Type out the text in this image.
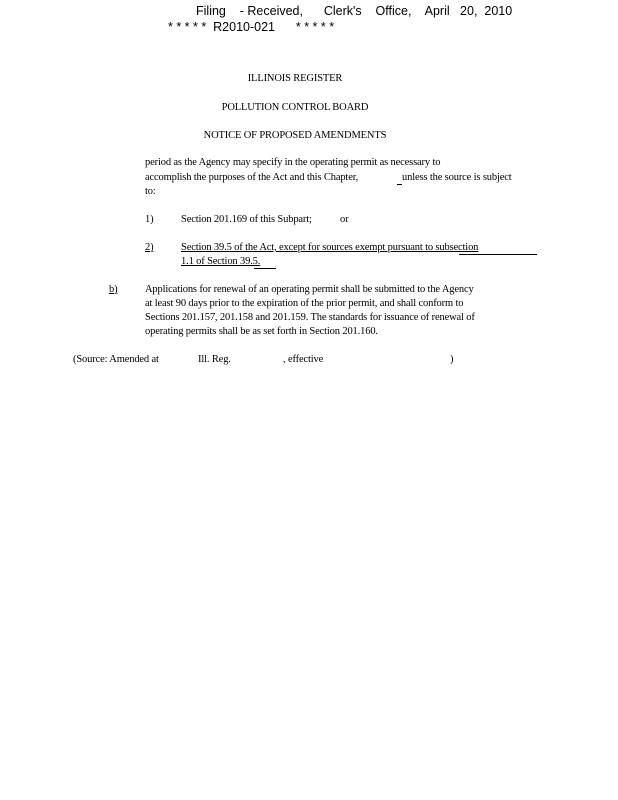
Filing    - Received,      Clerk's    Office,    April   20,  2010
* * * * *  R2010-021      * * * * *
ILLINOIS REGISTER
POLLUTION CONTROL BOARD
NOTICE OF PROPOSED AMENDMENTS
period as the Agency may specify in the operating permit as necessary to
accomplish the purposes of the Act and this Chapter,	unless the source is subject
to:
1)	Section 201.169 of this Subpart;	or
2)	Section 39.5 of the Act, except for sources exempt pursuant to subsection
1.1 of Section 39.5.
b)	Applications for renewal of an operating permit shall be submitted to the Agency
at least 90 days prior to the expiration of the prior permit, and shall conform to
Sections 201.157, 201.158 and 201.159. The standards for issuance of renewal of
operating permits shall be as set forth in Section 201.160.
(Source: Amended at	Ill. Reg.	, effective	)
